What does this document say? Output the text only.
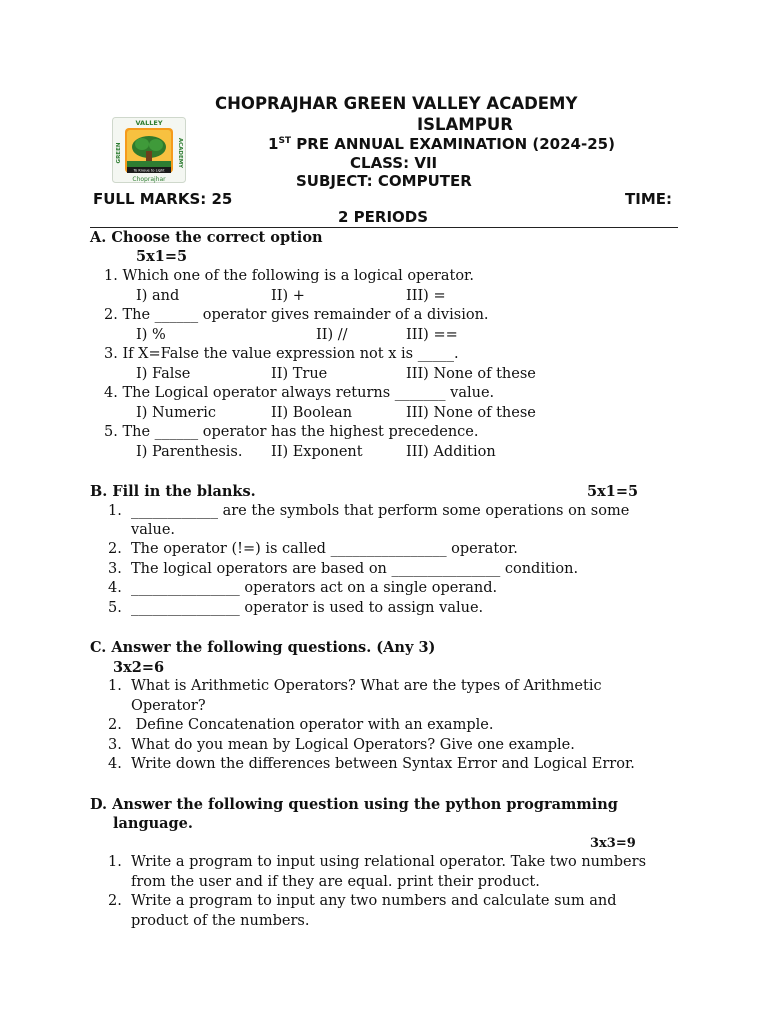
VALLEY
GREEN	ACADEMY
To Knoue to Light
Choprajhar
CHOPRAJHAR GREEN VALLEY ACADEMY
ISLAMPUR
1ST PRE ANNUAL EXAMINATION (2024-25)
CLASS: VII
SUBJECT: COMPUTER
FULL MARKS: 25	TIME:
2 PERIODS
A. Choose the correct option
5x1=5
1. Which one of the following is a logical operator.
I) and	II) +	III) =
2. The ______ operator gives remainder of a division.
I) %	II) //	III) ==
3. If X=False the value expression not x is _____.
I) False	II) True	III) None of these
4. The Logical operator always returns _______ value.
I) Numeric	II) Boolean	III) None of these
5. The ______ operator has the highest precedence.
I) Parenthesis. II) Exponent	III) Addition
B. Fill in the blanks.	5x1=5
1. ____________ are the symbols that perform some operations on some
value.
2. The operator (!=) is called ________________ operator.
3. The logical operators are based on _______________ condition.
4. _______________ operators act on a single operand.
5. _______________ operator is used to assign value.
C. Answer the following questions. (Any 3)
3x2=6
1. What is Arithmetic Operators? What are the types of Arithmetic
Operator?
2. Define Concatenation operator with an example.
3. What do you mean by Logical Operators? Give one example.
4. Write down the differences between Syntax Error and Logical Error.
D. Answer the following question using the python programming
language.
3x3=9
1. Write a program to input using relational operator. Take two numbers
from the user and if they are equal. print their product.
2. Write a program to input any two numbers and calculate sum and
product of the numbers.
